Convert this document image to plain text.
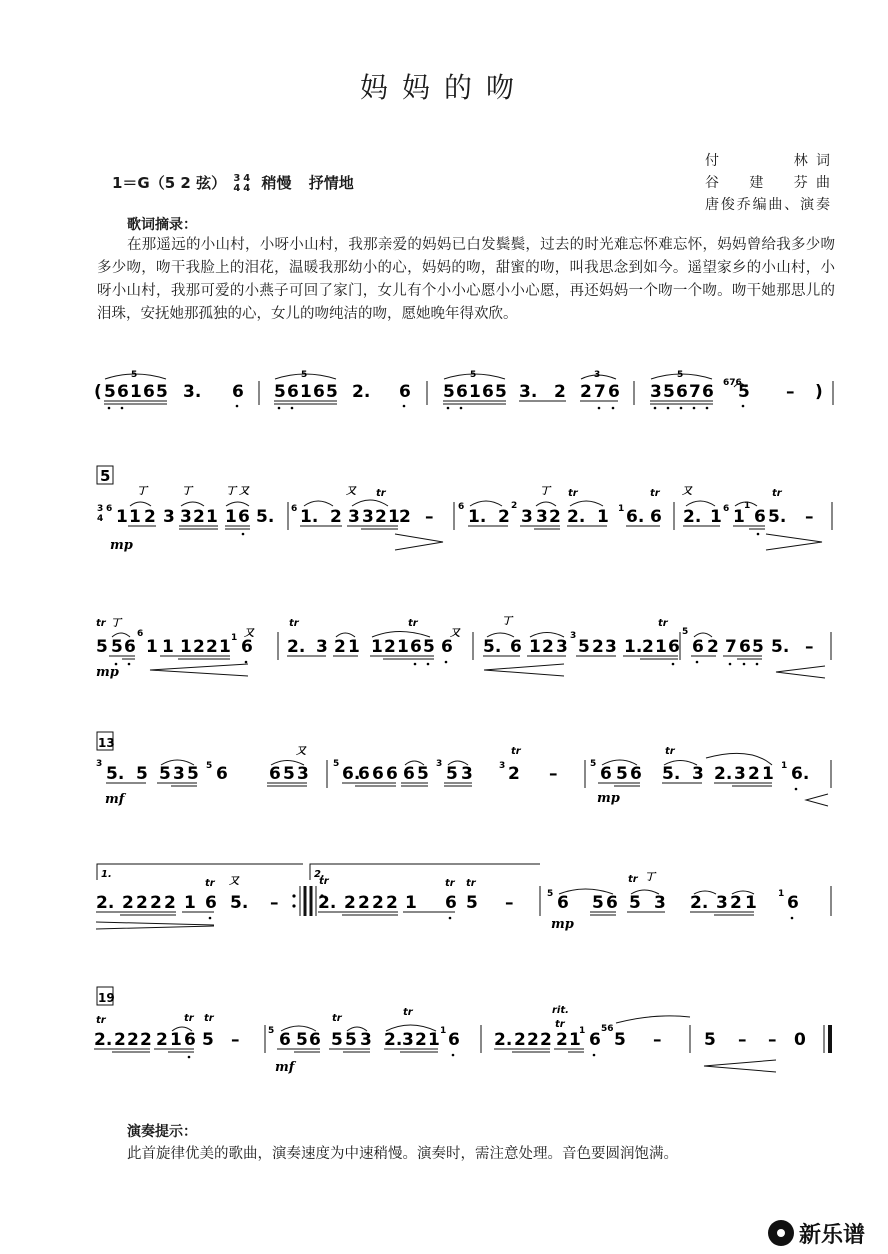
妈妈的吻
1＝G（5 2 弦） 3
44
4 稍慢 抒情地
付　　　林词
谷　建　芬曲
唐俊乔编曲、演奏
歌词摘录：
在那遥远的小山村，小呀小山村，我那亲爱的妈妈已白发鬓鬓，过去的时光难忘怀难忘怀，妈妈曾给我多少吻多少吻，吻干我脸上的泪花，温暖我那幼小的心，妈妈的吻，甜蜜的吻，叫我思念到如今。遥望家乡的小山村，小呀小山村，我那可爱的小燕子可回了家门，女儿有个小小心愿小小心愿，再还妈妈一个吻一个吻。吻干她那思儿的泪珠，安抚她那孤独的心，女儿的吻纯洁的吻，愿她晚年得欢欣。
( 5 6 1 6 5
5
3. 6 5 6 1 6 5
5
2. 6 5 6 1 6 5
5
3. 2 2 7 6
3
3 5 6 7 6
5
676
5 – )
5
3
4
6 1 1 2
丁
3 3 2 1
丁
1 6 5.
丁 又
mp
6 1. 2 3 3 2 1
又 tr
2 –	6 1. 2
2
3 3 2
丁
2. 1
tr
1 6. 6
tr
2. 1
又
6 1
1
6 5.
tr
–
tr 丁
5 5 6
6
1 1 1 2 2 1 1 又
6
mp
tr
2. 3 2 1 1 2 1 6 5
tr
6
又
丁
5. 6 1 2 3
3
5 2 3 1. 2 1 6
tr
5
6 2 7 6 5 5. –
13
3 5. 5 5 3 5 5 6 6 5 3
又
mf
5 6.
6 6 6 6 5 3 5 3
tr
3 2 –	5 6 5 6 5. 3
tr
2. 3 2 1 1 6.
mp
1.
2. 2 2 2 2 1 6 5.
tr 又
–
2.
tr
2. 2 2 2 2 1 6 5
tr tr
–	5 6 5 6 5 3
tr 丁
2. 3 2 1 1 6
mp
19
tr
2. 2 2 2 2 1 6
tr
5
tr
–	5 6 5 6 5 5 3
tr
2. 3 2 1
tr
1 6
mf
2. 2 2 2
rit.
tr
2 1
1 6
56
5 –	5 – – 0
演奏提示：
此首旋律优美的歌曲，演奏速度为中速稍慢。演奏时，需注意处理。音色要圆润饱满。
新乐谱
